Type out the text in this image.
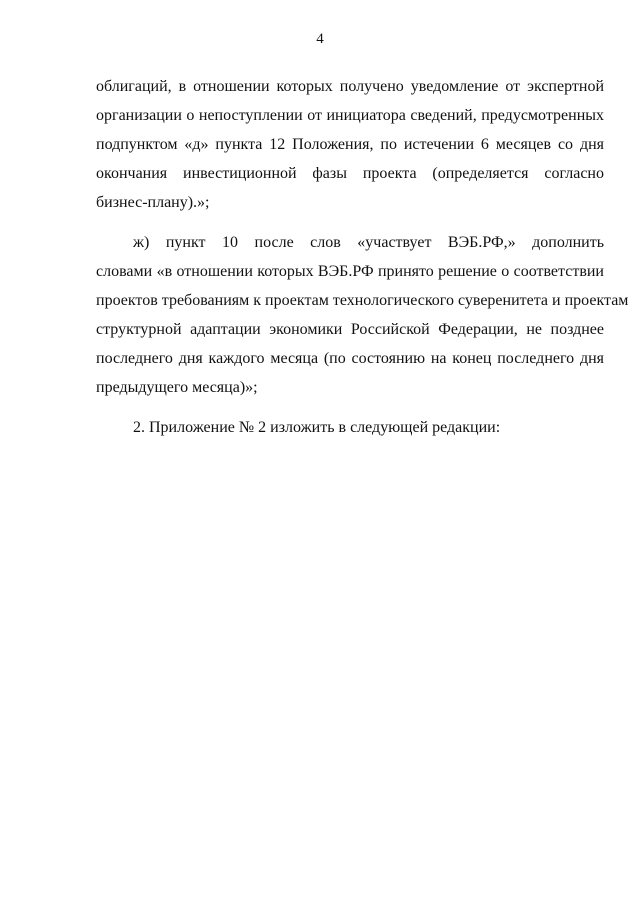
4

облигаций, в отношении которых получено уведомление от экспертной
организации о непоступлении от инициатора сведений, предусмотренных
подпунктом «д» пункта 12 Положения, по истечении 6 месяцев со дня
окончания инвестиционной фазы проекта (определяется согласно
бизнес-плану).»;

ж) пункт 10 после слов «участвует ВЭБ.РФ,» дополнить
словами «в отношении которых ВЭБ.РФ принято решение о соответствии
проектов требованиям к проектам технологического суверенитета и проектам
структурной адаптации экономики Российской Федерации, не позднее
последнего дня каждого месяца (по состоянию на конец последнего дня
предыдущего месяца)»;

2. Приложение № 2 изложить в следующей редакции:
